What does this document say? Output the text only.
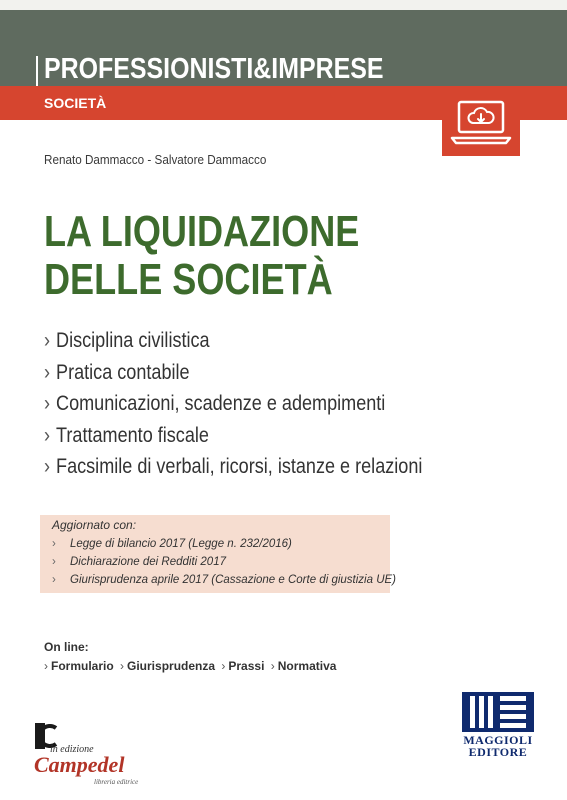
PROFESSIONISTI&IMPRESE
SOCIETÀ
Renato Dammacco - Salvatore Dammacco
LA LIQUIDAZIONE
DELLE SOCIETÀ
› Disciplina civilistica
› Pratica contabile
› Comunicazioni, scadenze e adempimenti
› Trattamento fiscale
› Facsimile di verbali, ricorsi, istanze e relazioni
Aggiornato con:
› Legge di bilancio 2017 (Legge n. 232/2016)
› Dichiarazione dei Redditi 2017
› Giurisprudenza aprile 2017 (Cassazione e Corte di giustizia UE)
On line:
› Formulario › Giurisprudenza › Prassi › Normativa
in edizione
Campedel
libreria editrice
MAGGIOLI
EDITORE
